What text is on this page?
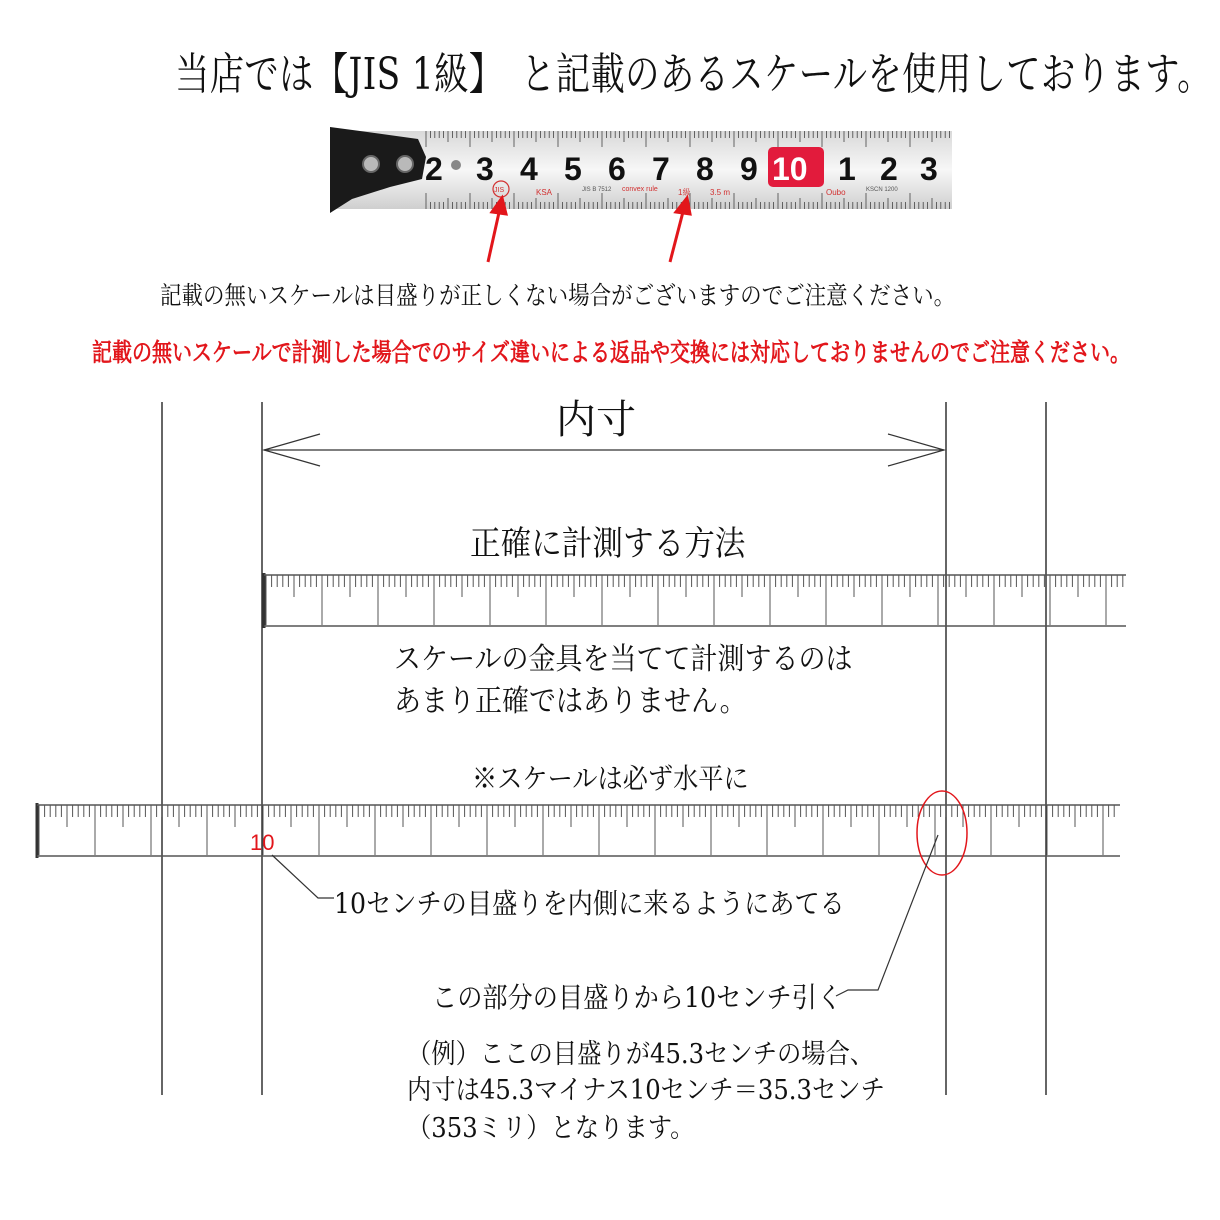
当店では【JIS 1級】　と記載のあるスケールを使用しております。
2 3 4 5 6 7 8 9 10 1 2 3
JIS	KSA	JIS B 7512 convex rule	1級 3.5 m	Oubo	KSCN 1200
記載の無いスケールは目盛りが正しくない場合がございますのでご注意ください。
記載の無いスケールで計測した場合でのサイズ違いによる返品や交換には対応しておりませんのでご注意ください。
内寸
正確に計測する方法
スケールの金具を当てて計測するのは
あまり正確ではありません。
※スケールは必ず水平に
10
10センチの目盛りを内側に来るようにあてる
この部分の目盛りから10センチ引く
（例）ここの目盛りが45.3センチの場合、
内寸は45.3マイナス10センチ＝35.3センチ
（353ミリ）となります。
